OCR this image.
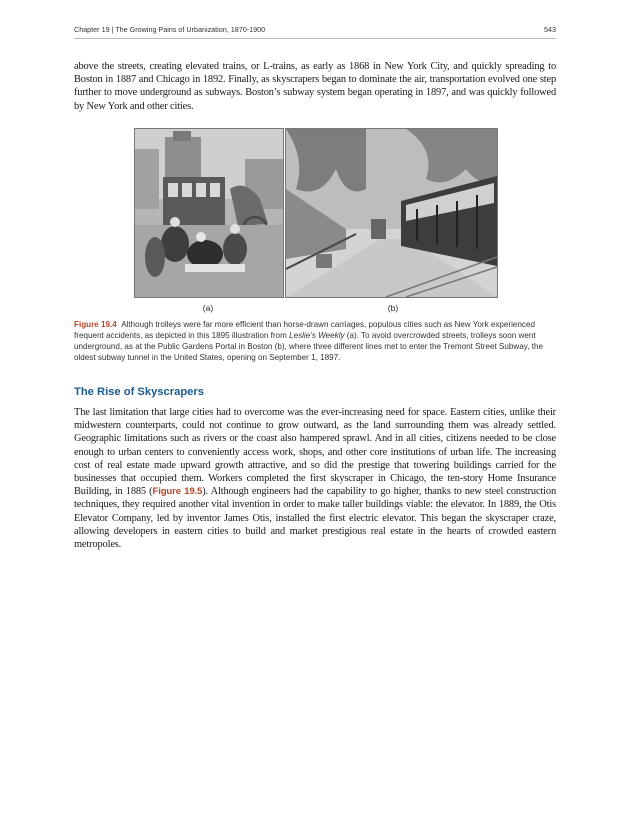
Chapter 19 | The Growing Pains of Urbanization, 1870-1900	543

above the streets, creating elevated trains, or L-trains, as early as 1868 in New York City, and quickly spreading to Boston in 1887 and Chicago in 1892. Finally, as skyscrapers began to dominate the air, transportation evolved one step further to move underground as subways. Boston’s subway system began operating in 1897, and was quickly followed by New York and other cities.

(a)	(b)

Figure 19.4 Although trolleys were far more efficient than horse-drawn carriages, populous cities such as New York experienced frequent accidents, as depicted in this 1895 illustration from Leslie’s Weekly (a). To avoid overcrowded streets, trolleys soon went underground, as at the Public Gardens Portal in Boston (b), where three different lines met to enter the Tremont Street Subway, the oldest subway tunnel in the United States, opening on September 1, 1897.

The Rise of Skyscrapers

The last limitation that large cities had to overcome was the ever-increasing need for space. Eastern cities, unlike their midwestern counterparts, could not continue to grow outward, as the land surrounding them was already settled. Geographic limitations such as rivers or the coast also hampered sprawl. And in all cities, citizens needed to be close enough to urban centers to conveniently access work, shops, and other core institutions of urban life. The increasing cost of real estate made upward growth attractive, and so did the prestige that towering buildings carried for the businesses that occupied them. Workers completed the first skyscraper in Chicago, the ten-story Home Insurance Building, in 1885 (Figure 19.5). Although engineers had the capability to go higher, thanks to new steel construction techniques, they required another vital invention in order to make taller buildings viable: the elevator. In 1889, the Otis Elevator Company, led by inventor James Otis, installed the first electric elevator. This began the skyscraper craze, allowing developers in eastern cities to build and market prestigious real estate in the hearts of crowded eastern metropoles.
